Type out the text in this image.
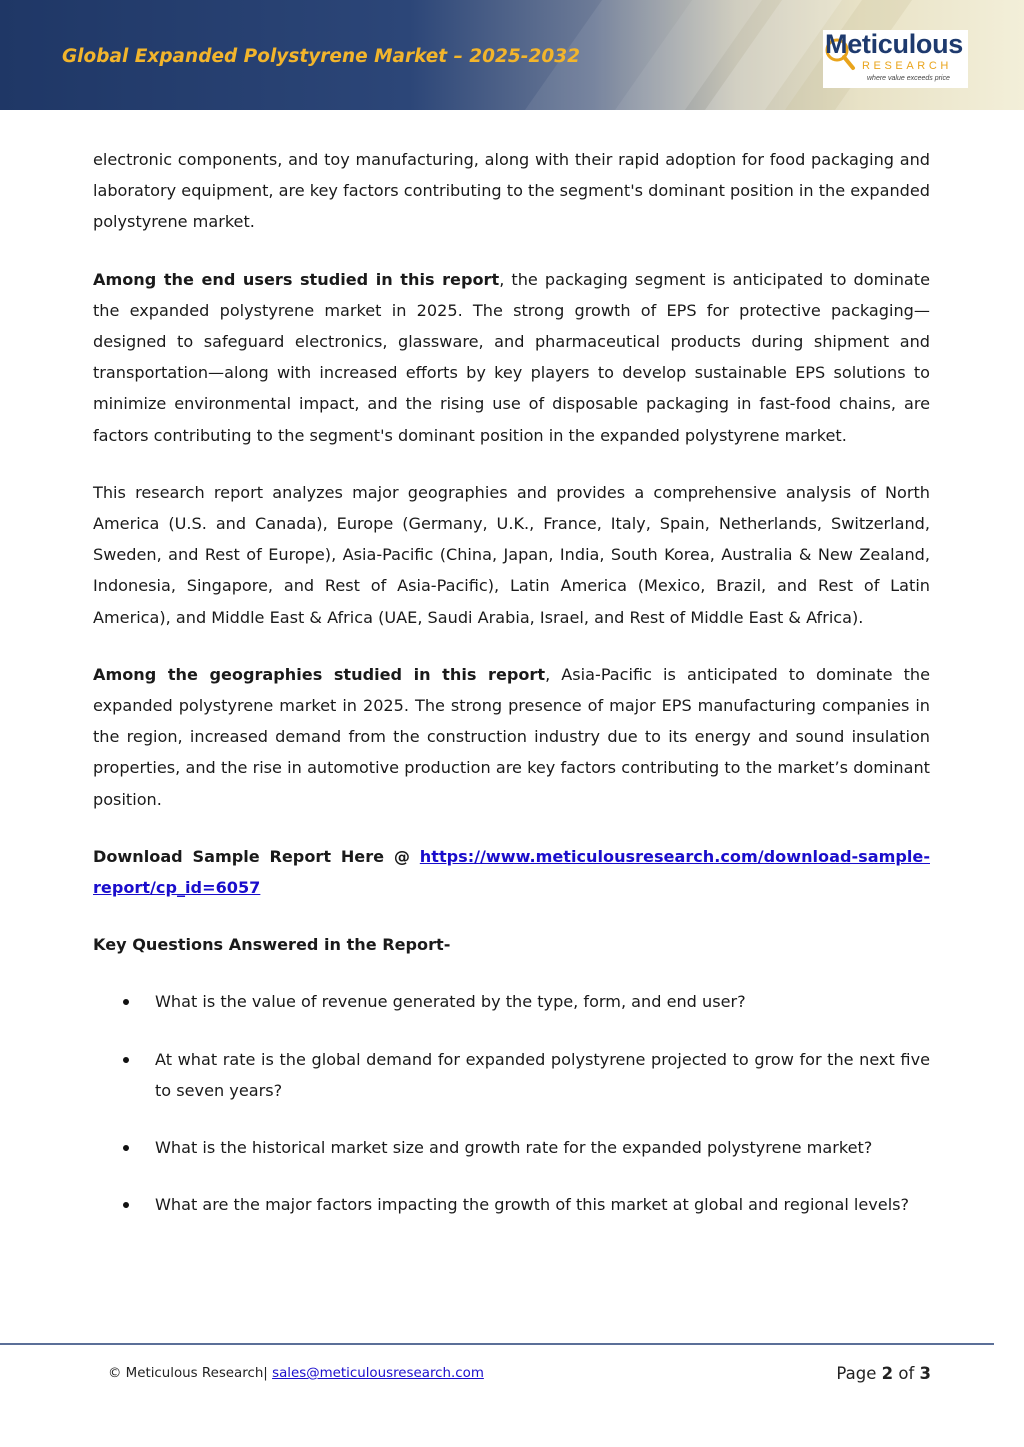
Global Expanded Polystyrene Market – 2025-2032	Meticulous
RESEARCH
where value exceeds price

electronic components, and toy manufacturing, along with their rapid adoption for food packaging and laboratory equipment, are key factors contributing to the segment's dominant position in the expanded polystyrene market.

Among the end users studied in this report, the packaging segment is anticipated to dominate the expanded polystyrene market in 2025. The strong growth of EPS for protective packaging—designed to safeguard electronics, glassware, and pharmaceutical products during shipment and transportation—along with increased efforts by key players to develop sustainable EPS solutions to minimize environmental impact, and the rising use of disposable packaging in fast-food chains, are factors contributing to the segment's dominant position in the expanded polystyrene market.

This research report analyzes major geographies and provides a comprehensive analysis of North America (U.S. and Canada), Europe (Germany, U.K., France, Italy, Spain, Netherlands, Switzerland, Sweden, and Rest of Europe), Asia-Pacific (China, Japan, India, South Korea, Australia & New Zealand, Indonesia, Singapore, and Rest of Asia-Pacific), Latin America (Mexico, Brazil, and Rest of Latin America), and Middle East & Africa (UAE, Saudi Arabia, Israel, and Rest of Middle East & Africa).

Among the geographies studied in this report, Asia-Pacific is anticipated to dominate the expanded polystyrene market in 2025. The strong presence of major EPS manufacturing companies in the region, increased demand from the construction industry due to its energy and sound insulation properties, and the rise in automotive production are key factors contributing to the market’s dominant position.

Download Sample Report Here @ https://www.meticulousresearch.com/download-sample-report/cp_id=6057

Key Questions Answered in the Report-

What is the value of revenue generated by the type, form, and end user?
At what rate is the global demand for expanded polystyrene projected to grow for the next five to seven years?
What is the historical market size and growth rate for the expanded polystyrene market?
What are the major factors impacting the growth of this market at global and regional levels?
© Meticulous Research| sales@meticulousresearch.com	Page 2 of 3
